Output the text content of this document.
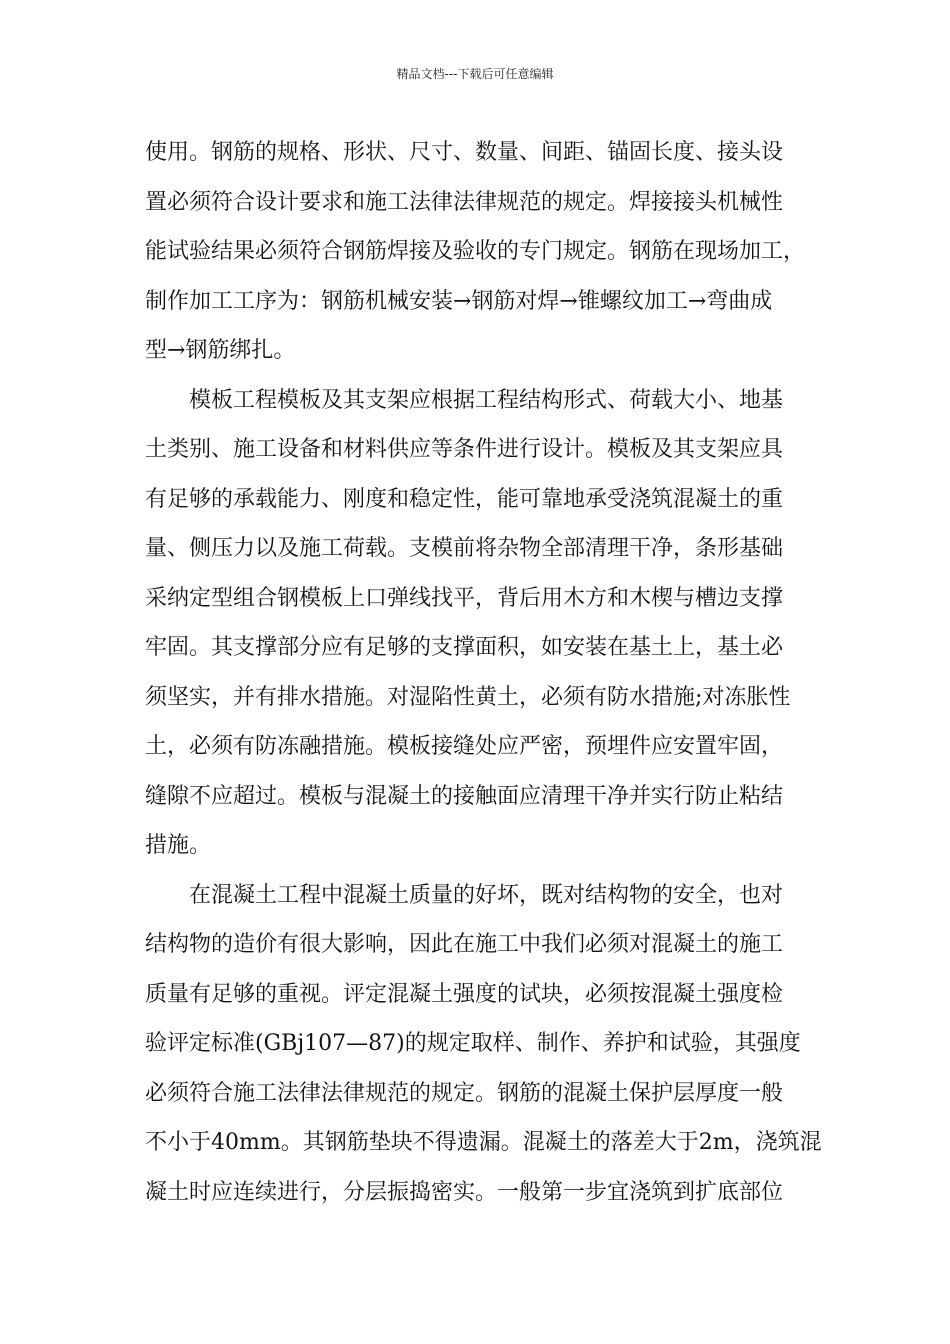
精品文档---下载后可任意编辑
使用。钢筋的规格、形状、尺寸、数量、间距、锚固长度、接头设
置必须符合设计要求和施工法律法律规范的规定。焊接接头机械性
能试验结果必须符合钢筋焊接及验收的专门规定。钢筋在现场加工，
制作加工工序为：钢筋机械安装→钢筋对焊→锥螺纹加工→弯曲成
型→钢筋绑扎。
　　模板工程模板及其支架应根据工程结构形式、荷载大小、地基
土类别、施工设备和材料供应等条件进行设计。模板及其支架应具
有足够的承载能力、刚度和稳定性，能可靠地承受浇筑混凝土的重
量、侧压力以及施工荷载。支模前将杂物全部清理干净，条形基础
采纳定型组合钢模板上口弹线找平，背后用木方和木楔与槽边支撑
牢固。其支撑部分应有足够的支撑面积，如安装在基土上，基土必
须坚实，并有排水措施。对湿陷性黄土，必须有防水措施;对冻胀性
土，必须有防冻融措施。模板接缝处应严密，预埋件应安置牢固，
缝隙不应超过。模板与混凝土的接触面应清理干净并实行防止粘结
措施。
　　在混凝土工程中混凝土质量的好坏，既对结构物的安全，也对
结构物的造价有很大影响，因此在施工中我们必须对混凝土的施工
质量有足够的重视。评定混凝土强度的试块，必须按混凝土强度检
验评定标准(GBj107—87)的规定取样、制作、养护和试验，其强度
必须符合施工法律法律规范的规定。钢筋的混凝土保护层厚度一般
不小于40mm。其钢筋垫块不得遗漏。混凝土的落差大于2m，浇筑混
凝土时应连续进行，分层振捣密实。一般第一步宜浇筑到扩底部位
